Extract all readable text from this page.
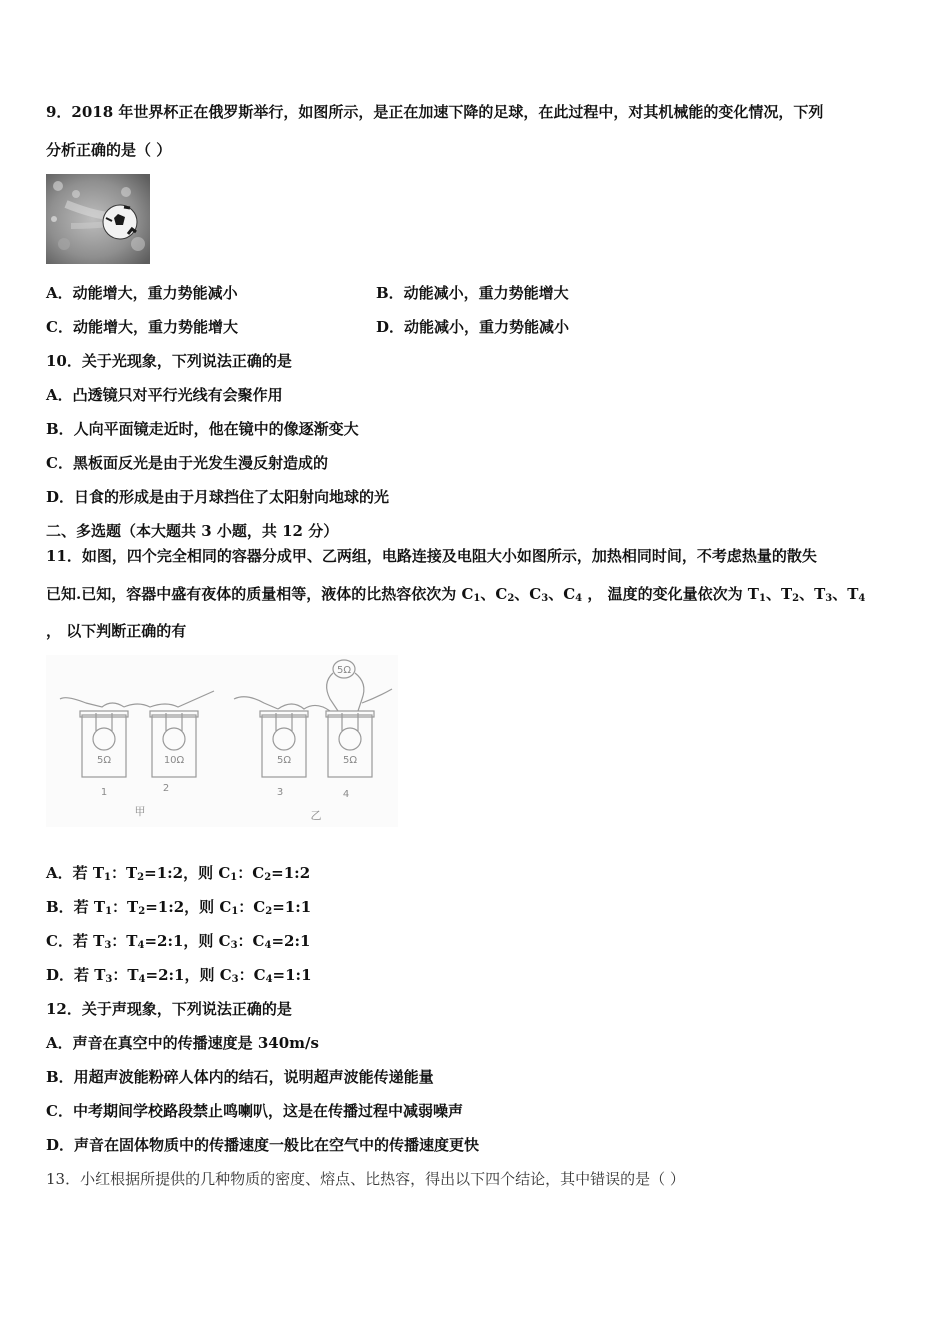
9．2018 年世界杯正在俄罗斯举行，如图所示，是正在加速下降的足球，在此过程中，对其机械能的变化情况，下列
分析正确的是（ ）
A．动能增大，重力势能减小	B．动能减小，重力势能增大
C．动能增大，重力势能增大	D．动能减小，重力势能减小
10．关于光现象，下列说法正确的是
A．凸透镜只对平行光线有会聚作用
B．人向平面镜走近时，他在镜中的像逐渐变大
C．黑板面反光是由于光发生漫反射造成的
D．日食的形成是由于月球挡住了太阳射向地球的光
二、多选题（本大题共 3 小题，共 12 分）
11．如图，四个完全相同的容器分成甲、乙两组，电路连接及电阻大小如图所示，加热相同时间，不考虑热量的散失
已知.已知，容器中盛有夜体的质量相等，液体的比热容依次为 $C_1$、$C_2$、$C_3$、$C_4$ ， 温度的变化量依次为 $T_1$、$T_2$、$T_3$、$T_4$
， 以下判断正确的有
5Ω
5Ω	10Ω	5Ω	5Ω
1	2	3	4
甲	乙
A．若 $T_1$：$T_2=1:2$，则 $C_1$：$C_2=1:2$
B．若 $T_1$：$T_2=1:2$，则 $C_1$：$C_2=1:1$
C．若 $T_3$：$T_4=2:1$，则 $C_3$：$C_4=2:1$
D．若 $T_3$：$T_4=2:1$，则 $C_3$：$C_4=1:1$
12．关于声现象，下列说法正确的是
A．声音在真空中的传播速度是 340m/s
B．用超声波能粉碎人体内的结石，说明超声波能传递能量
C．中考期间学校路段禁止鸣喇叭，这是在传播过程中减弱噪声
D．声音在固体物质中的传播速度一般比在空气中的传播速度更快
13．小红根据所提供的几种物质的密度、熔点、比热容，得出以下四个结论，其中错误的是（ ）
